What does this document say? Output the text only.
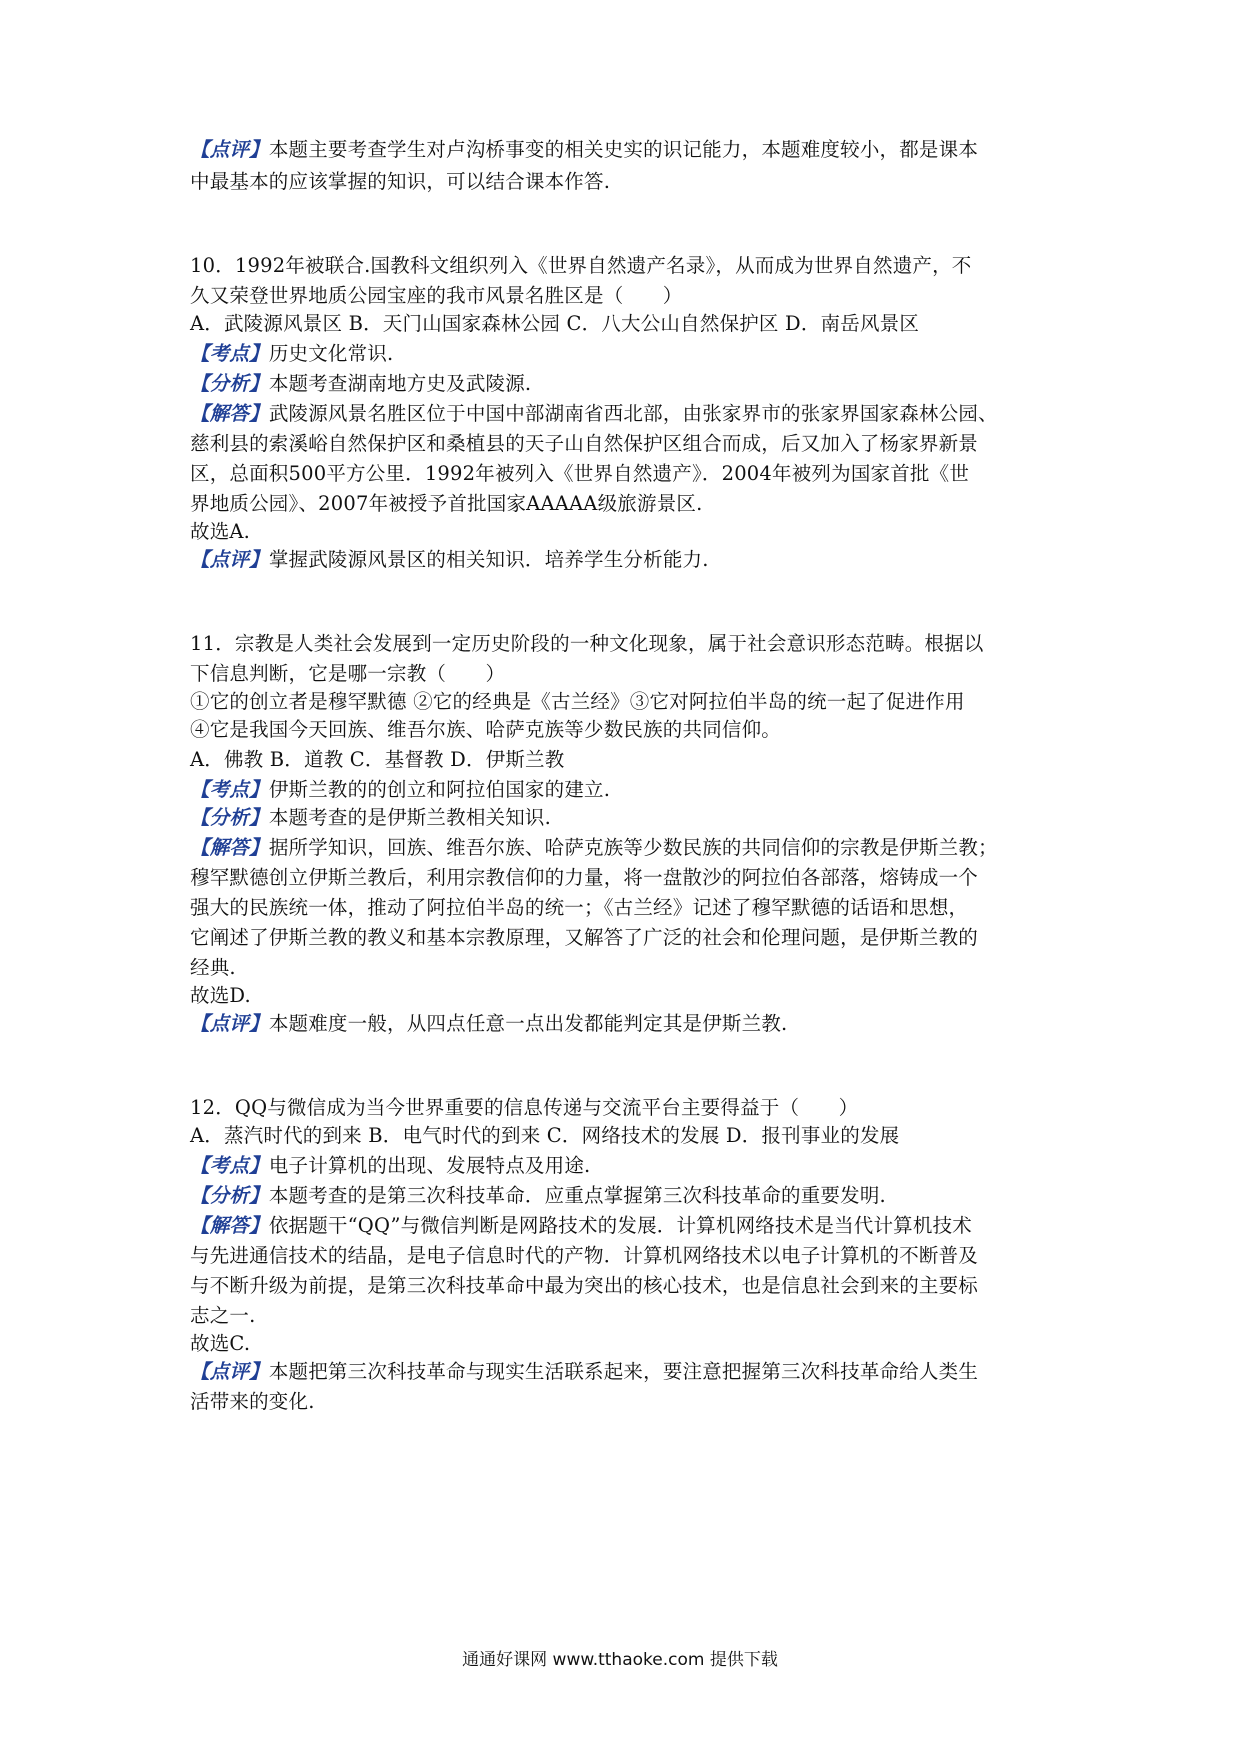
【点评】本题主要考查学生对卢沟桥事变的相关史实的识记能力，本题难度较小，都是课本
中最基本的应该掌握的知识，可以结合课本作答.
10．1992年被联合.国教科文组织列入《世界自然遗产名录》，从而成为世界自然遗产，不
久又荣登世界地质公园宝座的我市风景名胜区是（　　）
A．武陵源风景区 B．天门山国家森林公园 C．八大公山自然保护区 D．南岳风景区
【考点】历史文化常识.
【分析】本题考查湖南地方史及武陵源.
【解答】武陵源风景名胜区位于中国中部湖南省西北部，由张家界市的张家界国家森林公园、
慈利县的索溪峪自然保护区和桑植县的天子山自然保护区组合而成，后又加入了杨家界新景
区，总面积500平方公里．1992年被列入《世界自然遗产》．2004年被列为国家首批《世
界地质公园》、2007年被授予首批国家AAAAA级旅游景区.
故选A.
【点评】掌握武陵源风景区的相关知识．培养学生分析能力.
11．宗教是人类社会发展到一定历史阶段的一种文化现象，属于社会意识形态范畴。根据以
下信息判断，它是哪一宗教（　　）
①它的创立者是穆罕默德 ②它的经典是《古兰经》③它对阿拉伯半岛的统一起了促进作用
④它是我国今天回族、维吾尔族、哈萨克族等少数民族的共同信仰。
A．佛教 B．道教 C．基督教 D．伊斯兰教
【考点】伊斯兰教的的创立和阿拉伯国家的建立.
【分析】本题考查的是伊斯兰教相关知识.
【解答】据所学知识，回族、维吾尔族、哈萨克族等少数民族的共同信仰的宗教是伊斯兰教；
穆罕默德创立伊斯兰教后，利用宗教信仰的力量，将一盘散沙的阿拉伯各部落，熔铸成一个
强大的民族统一体，推动了阿拉伯半岛的统一；《古兰经》记述了穆罕默德的话语和思想，
它阐述了伊斯兰教的教义和基本宗教原理，又解答了广泛的社会和伦理问题，是伊斯兰教的
经典.
故选D.
【点评】本题难度一般，从四点任意一点出发都能判定其是伊斯兰教.
12．QQ与微信成为当今世界重要的信息传递与交流平台主要得益于（　　）
A．蒸汽时代的到来 B．电气时代的到来 C．网络技术的发展 D．报刊事业的发展
【考点】电子计算机的出现、发展特点及用途.
【分析】本题考查的是第三次科技革命．应重点掌握第三次科技革命的重要发明.
【解答】依据题干“QQ”与微信判断是网路技术的发展．计算机网络技术是当代计算机技术
与先进通信技术的结晶，是电子信息时代的产物．计算机网络技术以电子计算机的不断普及
与不断升级为前提，是第三次科技革命中最为突出的核心技术，也是信息社会到来的主要标
志之一.
故选C.
【点评】本题把第三次科技革命与现实生活联系起来，要注意把握第三次科技革命给人类生
活带来的变化.
通通好课网 www.tthaoke.com 提供下载
